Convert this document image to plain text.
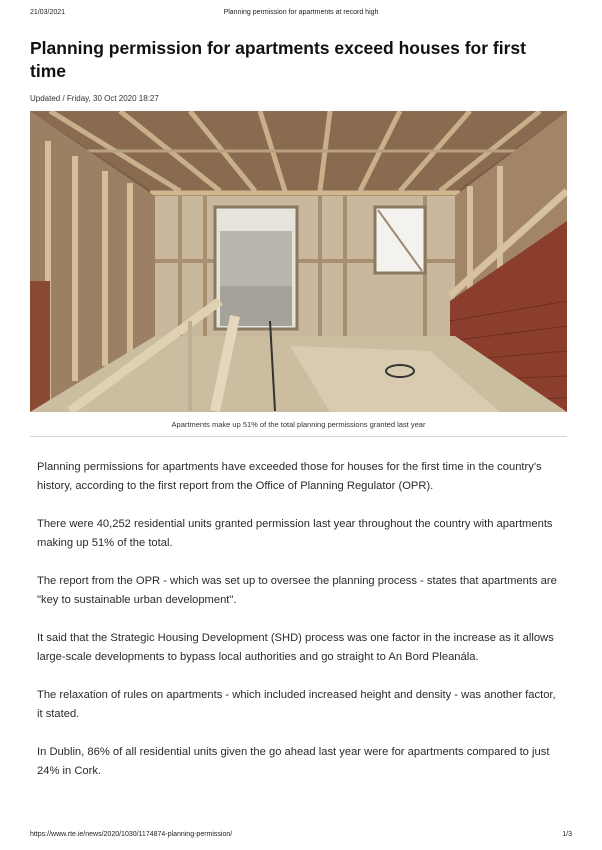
21/03/2021	Planning permission for apartments at record high
Planning permission for apartments exceed houses for first time
Updated / Friday, 30 Oct 2020 18:27
Apartments make up 51% of the total planning permissions granted last year

Planning permissions for apartments have exceeded those for houses for the first time in the country's history, according to the first report from the Office of Planning Regulator (OPR).

There were 40,252 residential units granted permission last year throughout the country with apartments making up 51% of the total.

The report from the OPR - which was set up to oversee the planning process - states that apartments are "key to sustainable urban development".

It said that the Strategic Housing Development (SHD) process was one factor in the increase as it allows large-scale developments to bypass local authorities and go straight to An Bord Pleanála.

The relaxation of rules on apartments - which included increased height and density - was another factor, it stated.

In Dublin, 86% of all residential units given the go ahead last year were for apartments compared to just 24% in Cork.

https://www.rte.ie/news/2020/1030/1174874-planning-permission/	1/3
